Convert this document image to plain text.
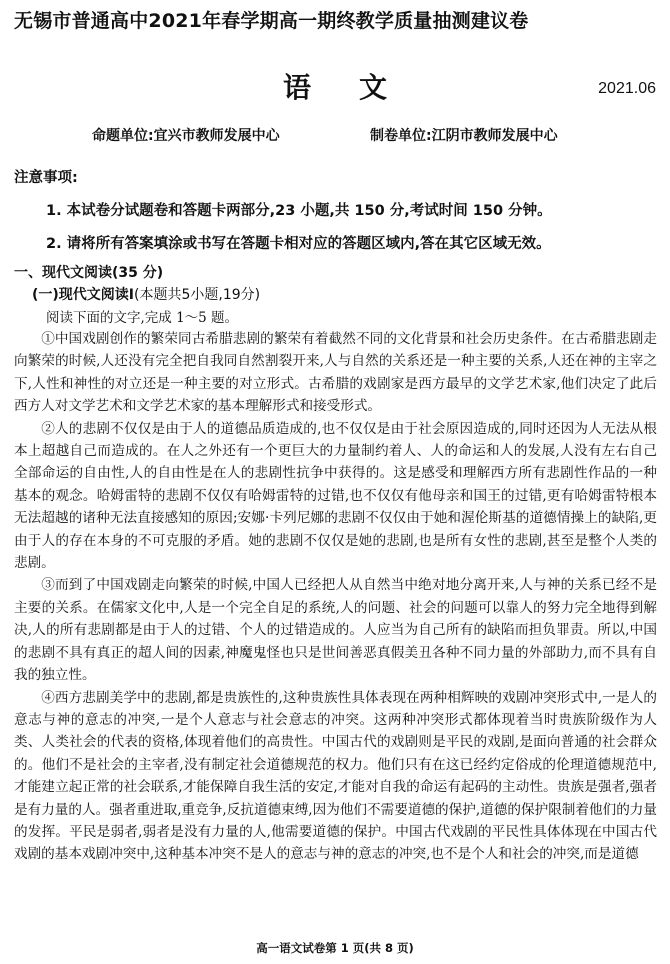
无锡市普通高中2021年春学期高一期终教学质量抽测建议卷
语文	2021.06
命题单位:宜兴市教师发展中心	制卷单位:江阴市教师发展中心
注意事项:
1. 本试卷分试题卷和答题卡两部分,23 小题,共 150 分,考试时间 150 分钟。
2. 请将所有答案填涂或书写在答题卡相对应的答题区域内,答在其它区域无效。
一、现代文阅读(35 分)
(一)现代文阅读Ⅰ(本题共5小题,19分)
阅读下面的文字,完成 1～5 题。

①中国戏剧创作的繁荣同古希腊悲剧的繁荣有着截然不同的文化背景和社会历史条件。在古希腊悲剧走向繁荣的时候,人还没有完全把自我同自然割裂开来,人与自然的关系还是一种主要的关系,人还在神的主宰之下,人性和神性的对立还是一种主要的对立形式。古希腊的戏剧家是西方最早的文学艺术家,他们决定了此后西方人对文学艺术和文学艺术家的基本理解形式和接受形式。

②人的悲剧不仅仅是由于人的道德品质造成的,也不仅仅是由于社会原因造成的,同时还因为人无法从根本上超越自己而造成的。在人之外还有一个更巨大的力量制约着人、人的命运和人的发展,人没有左右自己全部命运的自由性,人的自由性是在人的悲剧性抗争中获得的。这是感受和理解西方所有悲剧性作品的一种基本的观念。哈姆雷特的悲剧不仅仅有哈姆雷特的过错,也不仅仅有他母亲和国王的过错,更有哈姆雷特根本无法超越的诸种无法直接感知的原因;安娜·卡列尼娜的悲剧不仅仅由于她和渥伦斯基的道德情操上的缺陷,更由于人的存在本身的不可克服的矛盾。她的悲剧不仅仅是她的悲剧,也是所有女性的悲剧,甚至是整个人类的悲剧。

③而到了中国戏剧走向繁荣的时候,中国人已经把人从自然当中绝对地分离开来,人与神的关系已经不是主要的关系。在儒家文化中,人是一个完全自足的系统,人的问题、社会的问题可以靠人的努力完全地得到解决,人的所有悲剧都是由于人的过错、个人的过错造成的。人应当为自己所有的缺陷而担负罪责。所以,中国的悲剧不具有真正的超人间的因素,神魔鬼怪也只是世间善恶真假美丑各种不同力量的外部助力,而不具有自我的独立性。

④西方悲剧美学中的悲剧,都是贵族性的,这种贵族性具体表现在两种相辉映的戏剧冲突形式中,一是人的意志与神的意志的冲突,一是个人意志与社会意志的冲突。这两种冲突形式都体现着当时贵族阶级作为人类、人类社会的代表的资格,体现着他们的高贵性。中国古代的戏剧则是平民的戏剧,是面向普通的社会群众的。他们不是社会的主宰者,没有制定社会道德规范的权力。他们只有在这已经约定俗成的伦理道德规范中,才能建立起正常的社会联系,才能保障自我生活的安定,才能对自我的命运有起码的主动性。贵族是强者,强者是有力量的人。强者重进取,重竞争,反抗道德束缚,因为他们不需要道德的保护,道德的保护限制着他们的力量的发挥。平民是弱者,弱者是没有力量的人,他需要道德的保护。中国古代戏剧的平民性具体体现在中国古代戏剧的基本戏剧冲突中,这种基本冲突不是人的意志与神的意志的冲突,也不是个人和社会的冲突,而是道德

高一语文试卷第 1 页(共 8 页)
